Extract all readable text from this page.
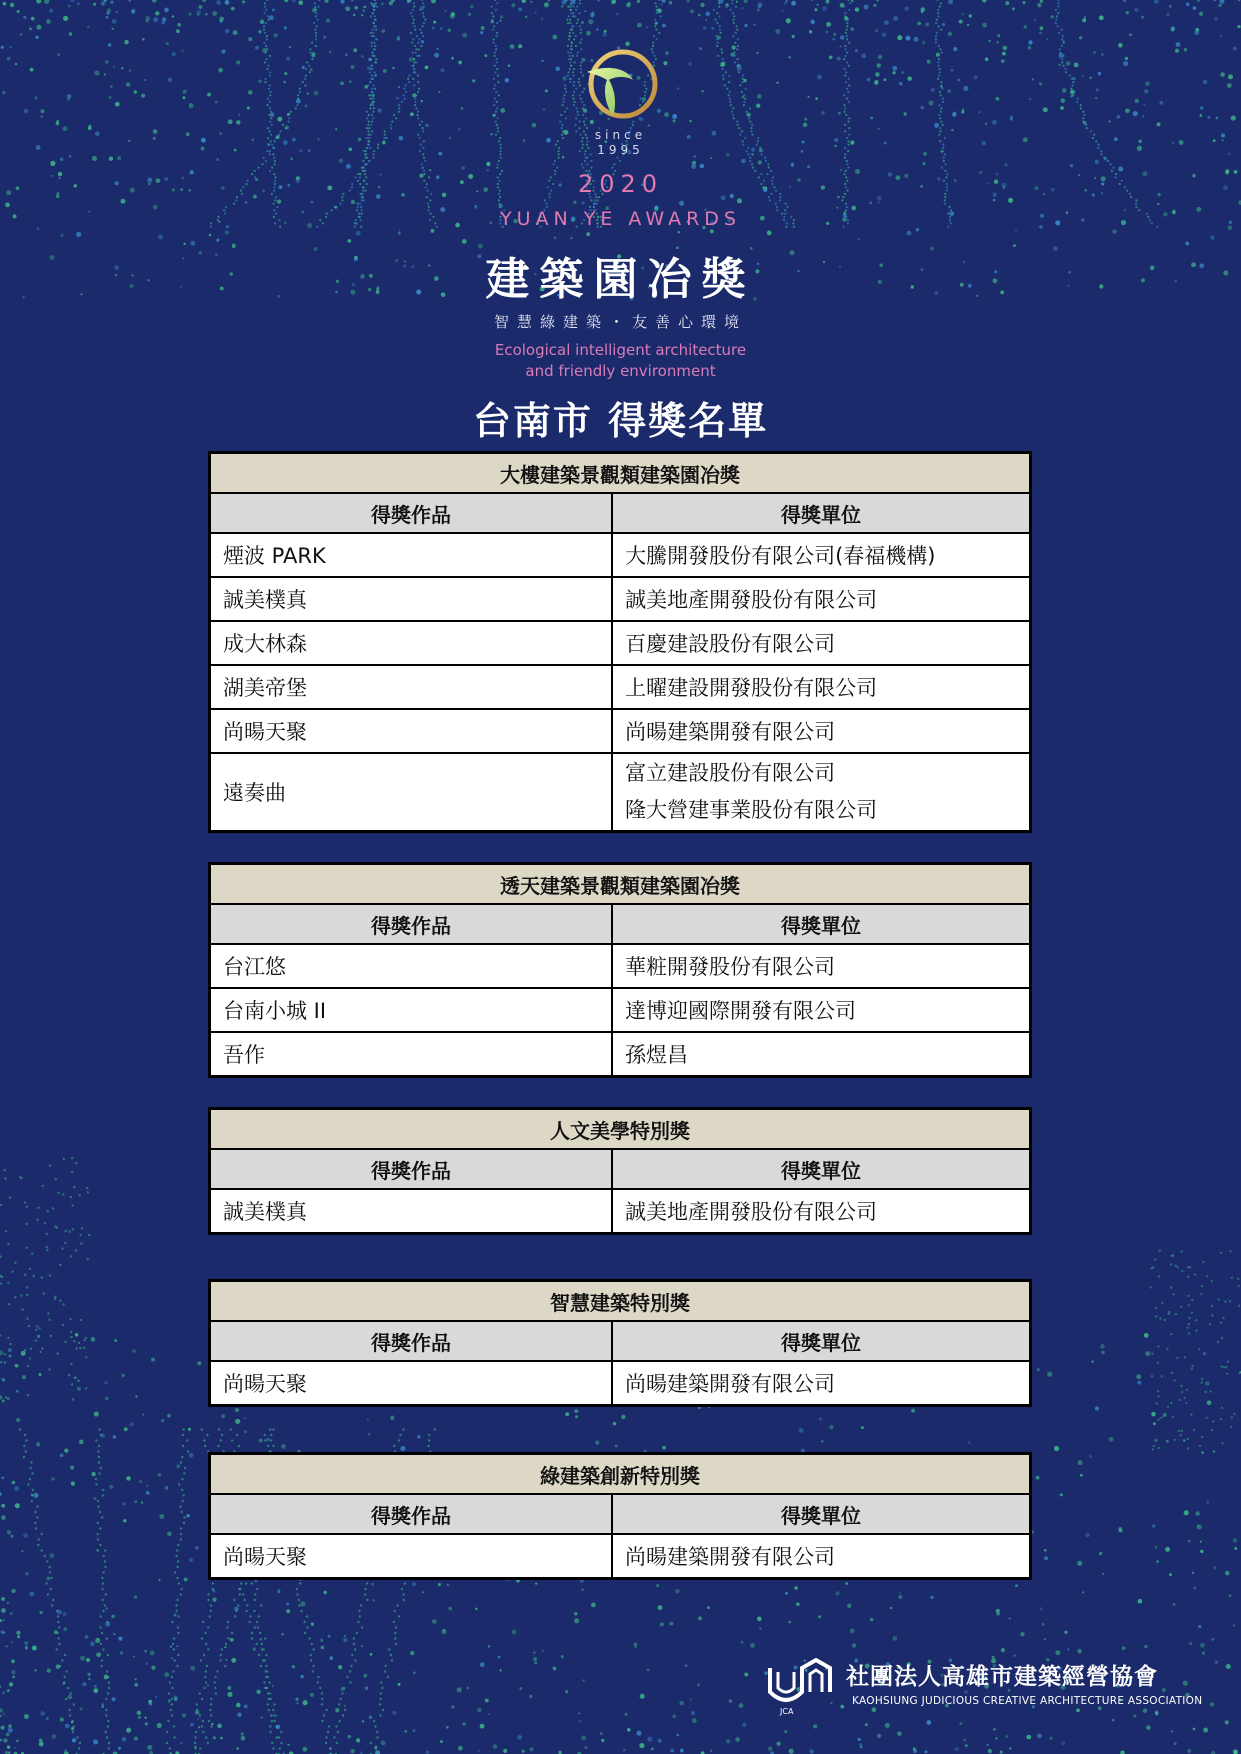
since
1995
2020
YUAN YE AWARDS
建築園冶獎
智慧綠建築・友善心環境
Ecological intelligent architecture
and friendly environment
台南市 得獎名單
大樓建築景觀類建築園冶獎	
得獎作品	得獎單位
煙波 PARK	大騰開發股份有限公司(春福機構)

誠美樸真	誠美地產開發股份有限公司

成大林森	百慶建設股份有限公司

湖美帝堡	上曜建設開發股份有限公司

尚暘天聚	尚暘建築開發有限公司

遠奏曲	富立建設股份有限公司
隆大營建事業股份有限公司
透天建築景觀類建築園冶獎	
得獎作品	得獎單位
台江悠	華粧開發股份有限公司

台南小城 II	達博迎國際開發有限公司

吾作	孫煜昌
人文美學特別獎	
得獎作品	得獎單位
誠美樸真	誠美地產開發股份有限公司
智慧建築特別獎	
得獎作品	得獎單位
尚暘天聚	尚暘建築開發有限公司
綠建築創新特別獎	
得獎作品	得獎單位
尚暘天聚	尚暘建築開發有限公司
JCA
社團法人高雄市建築經營協會
KAOHSIUNG JUDICIOUS CREATIVE ARCHITECTURE ASSOCIATION
